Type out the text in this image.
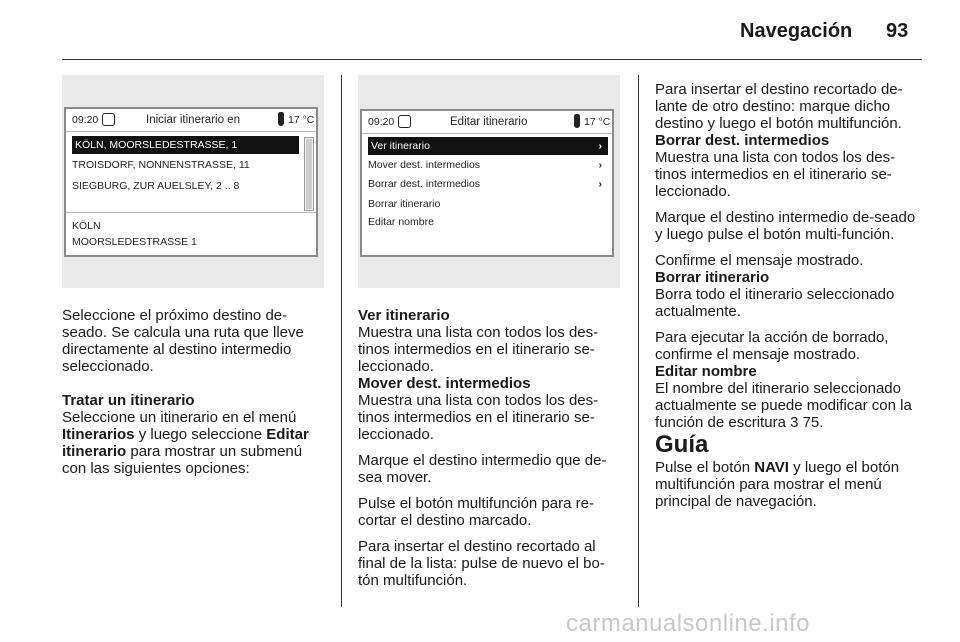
Navegación 93
09:20	Iniciar itinerario en	17 °C
KÖLN, MOORSLEDESTRASSE, 1
TROISDORF, NONNENSTRASSE, 11
SIEGBURG, ZUR AUELSLEY, 2 .. 8
KÖLN
MOORSLEDESTRASSE 1
09:20	Editar itinerario	17 °C
Ver itinerario	›
Mover dest. intermedios	›
Borrar dest. intermedios	›
Borrar itinerario
Editar nombre

Seleccione el próximo destino de-seado. Se calcula una ruta que lleve directamente al destino intermedio seleccionado.

Tratar un itinerario

Seleccione un itinerario en el menú Itinerarios y luego seleccione Editar itinerario para mostrar un submenú con las siguientes opciones:

Ver itinerario

Muestra una lista con todos los des-tinos intermedios en el itinerario se-leccionado.

Mover dest. intermedios

Muestra una lista con todos los des-tinos intermedios en el itinerario se-leccionado.

Marque el destino intermedio que de-sea mover.

Pulse el botón multifunción para re-cortar el destino marcado.

Para insertar el destino recortado al final de la lista: pulse de nuevo el bo-tón multifunción.

Para insertar el destino recortado de-lante de otro destino: marque dicho destino y luego el botón multifunción.

Borrar dest. intermedios

Muestra una lista con todos los des-tinos intermedios en el itinerario se-leccionado.

Marque el destino intermedio de-seado y luego pulse el botón multi-función.

Confirme el mensaje mostrado.

Borrar itinerario

Borra todo el itinerario seleccionado actualmente.

Para ejecutar la acción de borrado, confirme el mensaje mostrado.

Editar nombre

El nombre del itinerario seleccionado actualmente se puede modificar con la función de escritura 3 75.

Guía

Pulse el botón NAVI y luego el botón multifunción para mostrar el menú principal de navegación.

carmanualsonline.info
